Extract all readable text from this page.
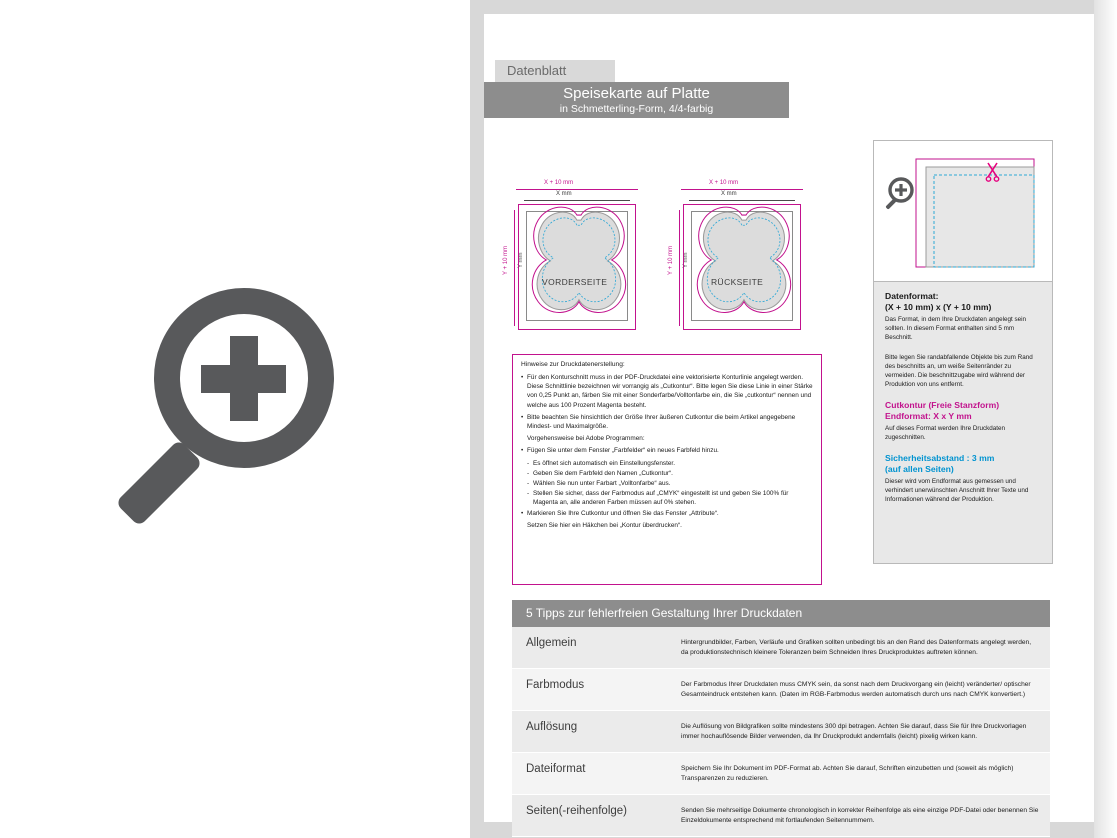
Datenblatt
Speisekarte auf Platte
in Schmetterling-Form, 4/4-farbig
X + 10 mm
X mm
Y + 10 mm Y mm
VORDERSEITE
X + 10 mm
X mm
Y + 10 mm Y mm
RÜCKSEITE
Hinweise zur Druckdatenerstellung:
• Für den Konturschnitt muss in der PDF-Druckdatei eine vektorisierte Konturlinie angelegt werden. Diese Schnittlinie bezeichnen wir vorrangig als „Cutkontur“. Bitte legen Sie diese Linie in einer Stärke von 0,25 Punkt an, färben Sie mit einer Sonderfarbe/Volltonfarbe ein, die Sie „cutkontur“ nennen und welche aus 100 Prozent Magenta besteht.
• Bitte beachten Sie hinsichtlich der Größe Ihrer äußeren Cutkontur die beim Artikel angegebene Mindest- und Maximalgröße.
Vorgehensweise bei Adobe Programmen:
• Fügen Sie unter dem Fenster „Farbfelder“ ein neues Farbfeld hinzu.
- Es öffnet sich automatisch ein Einstellungsfenster.
- Geben Sie dem Farbfeld den Namen „Cutkontur“.
- Wählen Sie nun unter Farbart „Volltonfarbe“ aus.
- Stellen Sie sicher, dass der Farbmodus auf „CMYK“ eingestellt ist und geben Sie 100% für Magenta an, alle anderen Farben müssen auf 0% stehen.
• Markieren Sie Ihre Cutkontur und öffnen Sie das Fenster „Attribute“.
Setzen Sie hier ein Häkchen bei „Kontur überdrucken“.
Datenformat:
(X + 10 mm) x (Y + 10 mm)
Das Format, in dem Ihre Druckdaten angelegt sein sollten. In diesem Format enthalten sind 5 mm Beschnitt.
Bitte legen Sie randabfallende Objekte bis zum Rand des beschnitts an, um weiße Seitenränder zu vermeiden. Die beschnittzugabe wird während der Produktion von uns entfernt.
Cutkontur (Freie Stanzform)
Endformat: X x Y mm
Auf dieses Format werden Ihre Druckdaten zugeschnitten.
Sicherheitsabstand : 3 mm
(auf allen Seiten)
Dieser wird vom Endformat aus gemessen und verhindert unerwünschten Anschnitt Ihrer Texte und Informationen während der Produktion.
5 Tipps zur fehlerfreien Gestaltung Ihrer Druckdaten
Allgemein	Hintergrundbilder, Farben, Verläufe und Grafiken sollten unbedingt bis an den Rand des Datenformats angelegt werden, da produktionstechnisch kleinere Toleranzen beim Schneiden Ihres Druckproduktes auftreten können.
Farbmodus	Der Farbmodus Ihrer Druckdaten muss CMYK sein, da sonst nach dem Druckvorgang ein (leicht) veränderter/ optischer Gesamteindruck entstehen kann. (Daten im RGB-Farbmodus werden automatisch durch uns nach CMYK konvertiert.)
Auflösung	Die Auflösung von Bildgrafiken sollte mindestens 300 dpi betragen. Achten Sie darauf, dass Sie für Ihre Druckvorlagen immer hochauflösende Bilder verwenden, da Ihr Druckprodukt andernfalls (leicht) pixelig wirken kann.
Dateiformat	Speichern Sie Ihr Dokument im PDF-Format ab. Achten Sie darauf, Schriften einzubetten und (soweit als möglich) Transparenzen zu reduzieren.
Seiten(-reihenfolge)	Senden Sie mehrseitige Dokumente chronologisch in korrekter Reihenfolge als eine einzige PDF-Datei oder benennen Sie Einzeldokumente entsprechend mit fortlaufenden Seitennummern.
